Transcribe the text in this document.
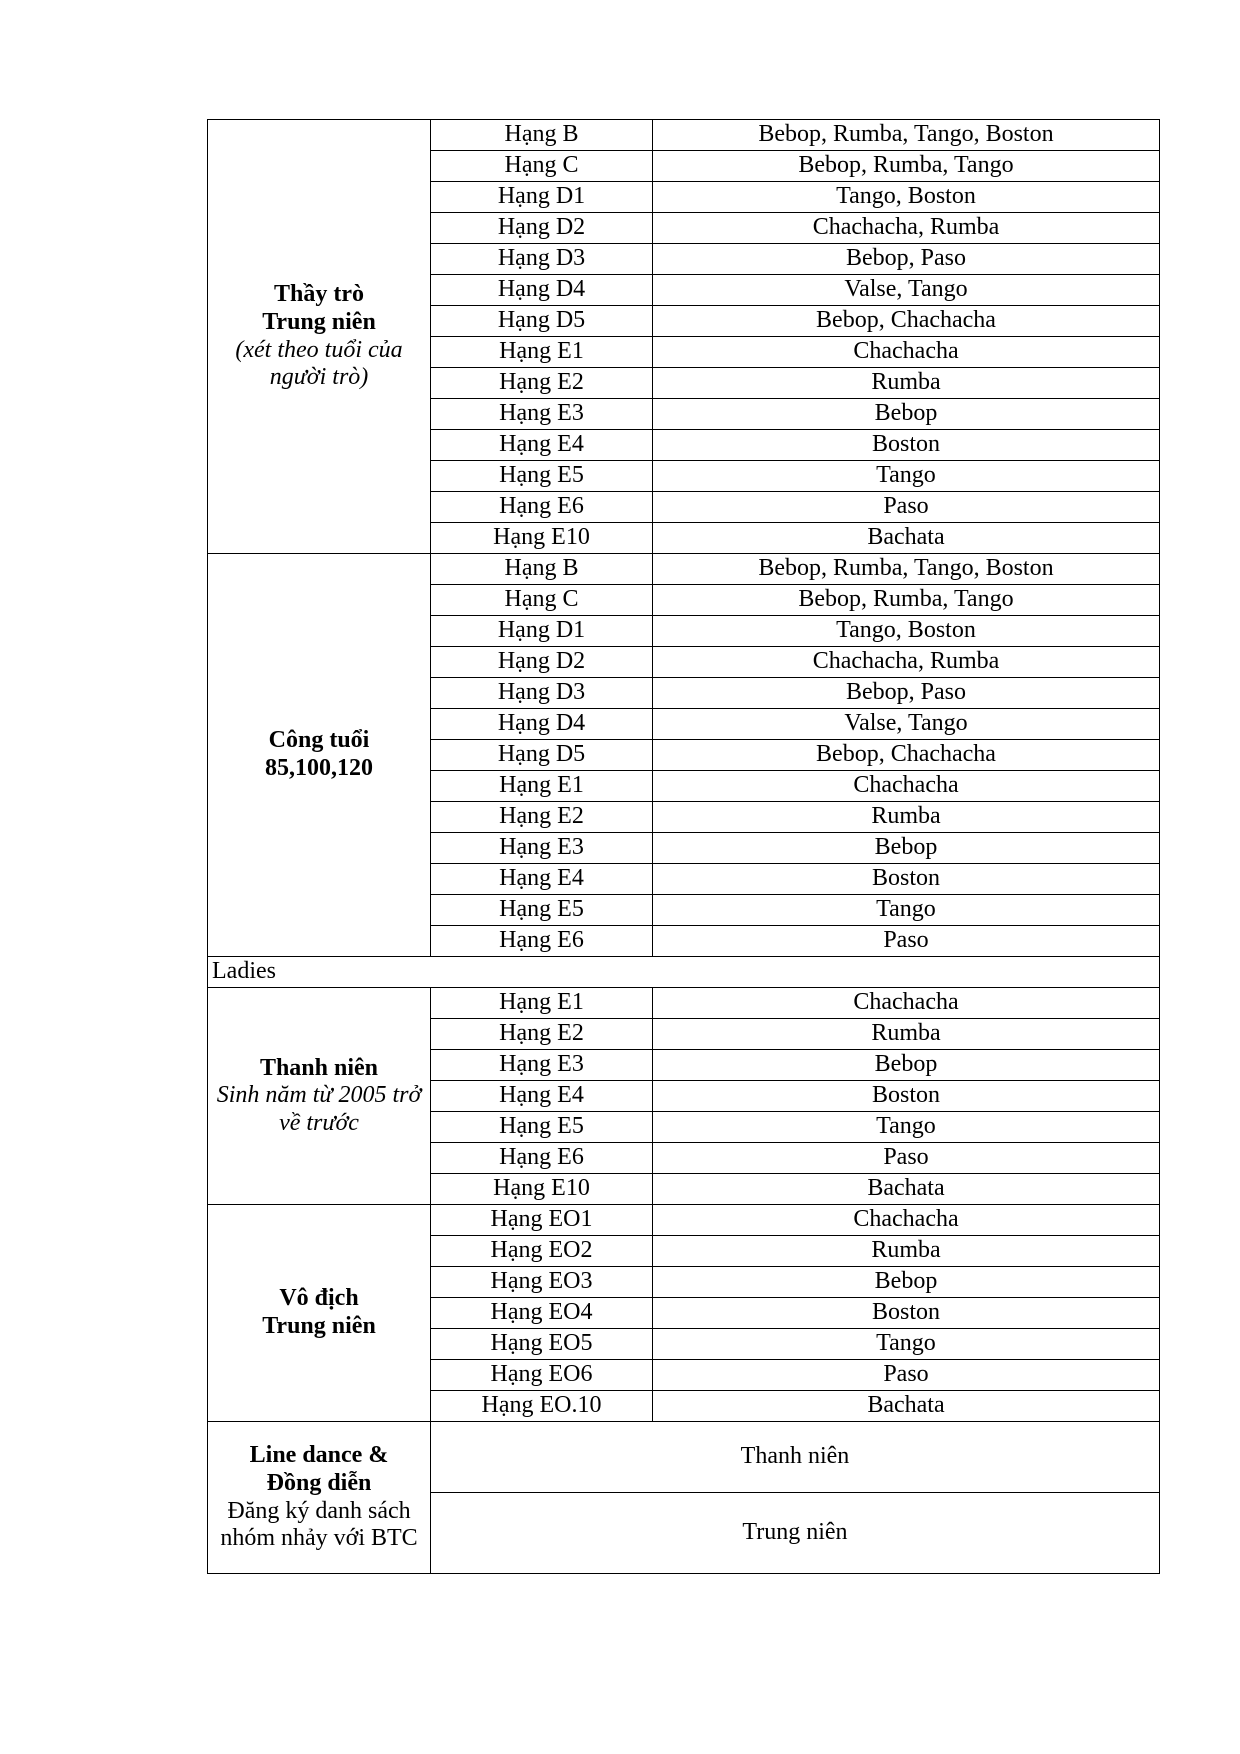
Thầy trò
Trung niên
(xét theo tuổi của người trò)	Hạng B	Bebop, Rumba, Tango, Boston
	Hạng C	Bebop, Rumba, Tango
	Hạng D1	Tango, Boston
	Hạng D2	Chachacha, Rumba
	Hạng D3	Bebop, Paso
	Hạng D4	Valse, Tango
	Hạng D5	Bebop, Chachacha
	Hạng E1	Chachacha
	Hạng E2	Rumba
	Hạng E3	Bebop
	Hạng E4	Boston
	Hạng E5	Tango
	Hạng E6	Paso
	Hạng E10	Bachata

Công tuổi
85,100,120	Hạng B	Bebop, Rumba, Tango, Boston
	Hạng C	Bebop, Rumba, Tango
	Hạng D1	Tango, Boston
	Hạng D2	Chachacha, Rumba
	Hạng D3	Bebop, Paso
	Hạng D4	Valse, Tango
	Hạng D5	Bebop, Chachacha
	Hạng E1	Chachacha
	Hạng E2	Rumba
	Hạng E3	Bebop
	Hạng E4	Boston
	Hạng E5	Tango
	Hạng E6	Paso
Ladies		

Thanh niên
Sinh năm từ 2005 trở về trước	Hạng E1	Chachacha
	Hạng E2	Rumba
	Hạng E3	Bebop
	Hạng E4	Boston
	Hạng E5	Tango
	Hạng E6	Paso
	Hạng E10	Bachata

Vô địch
Trung niên	Hạng EO1	Chachacha
	Hạng EO2	Rumba
	Hạng EO3	Bebop
	Hạng EO4	Boston
	Hạng EO5	Tango
	Hạng EO6	Paso
	Hạng EO.10	Bachata

Line dance &
Đồng diễn
Đăng ký danh sách nhóm nhảy với BTC	Thanh niên	
	Trung niên	
